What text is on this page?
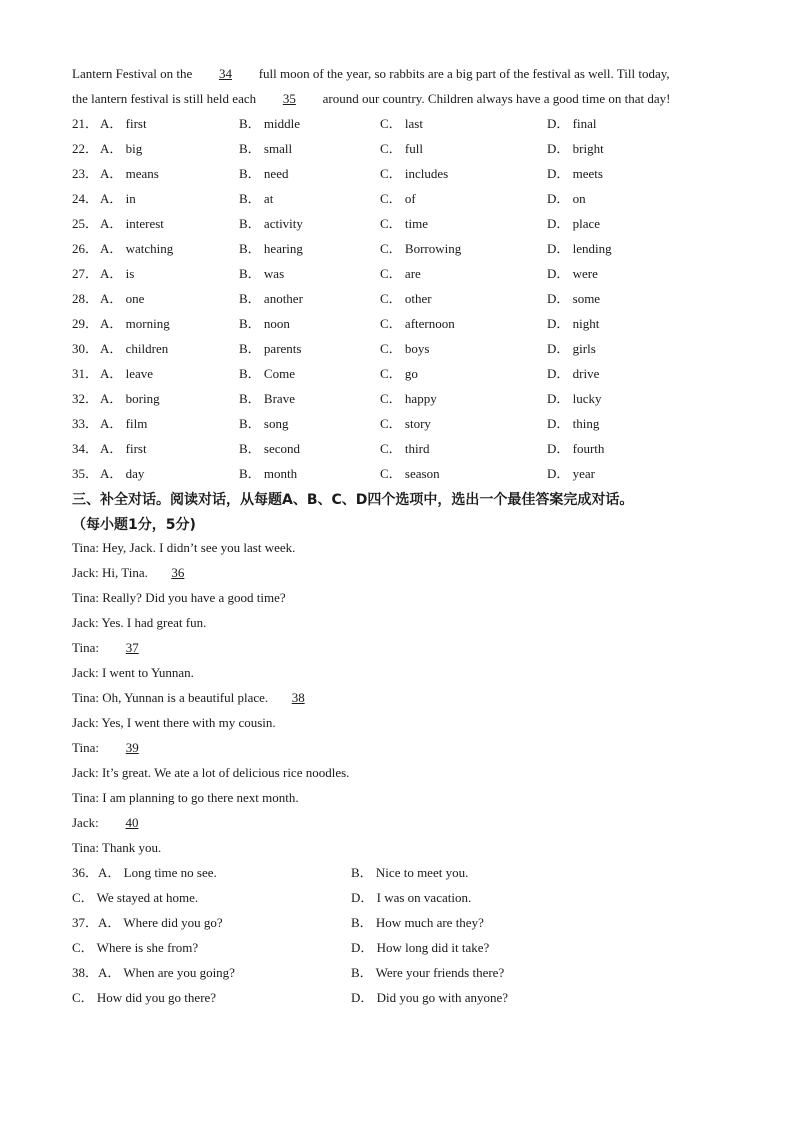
Lantern Festival on the 34 full moon of the year, so rabbits are a big part of the festival as well. Till today,
the lantern festival is still held each 35 around our country. Children always have a good time on that day!
21． A． first	B． middle	C． last	D． final
22． A． big	B． small	C． full	D． bright
23． A． means	B． need	C． includes	D． meets
24． A． in	B． at	C． of	D． on
25． A． interest	B． activity	C． time	D． place
26． A． watching	B． hearing	C． Borrowing	D． lending
27． A． is	B． was	C． are	D． were
28． A． one	B． another	C． other	D． some
29． A． morning	B． noon	C． afternoon	D． night
30． A． children	B． parents	C． boys	D． girls
31． A． leave	B． Come	C． go	D． drive
32． A． boring	B． Brave	C． happy	D． lucky
33． A． film	B． song	C． story	D． thing
34． A． first	B． second	C． third	D． fourth
35． A． day	B． month	C． season	D． year
三、补全对话。阅读对话，从每题A、B、C、D四个选项中，选出一个最佳答案完成对话。
（每小题1分，5分)
Tina: Hey, Jack. I didn’t see you last week.
Jack: Hi, Tina. 36
Tina: Really? Did you have a good time?
Jack: Yes. I had great fun.
Tina: 37
Jack: I went to Yunnan.
Tina: Oh, Yunnan is a beautiful place. 38
Jack: Yes, I went there with my cousin.
Tina: 39
Jack: It’s great. We ate a lot of delicious rice noodles.
Tina: I am planning to go there next month.
Jack: 40
Tina: Thank you.
36．A． Long time no see.	B． Nice to meet you.
C． We stayed at home.	D． I was on vacation.
37．A． Where did you go?	B． How much are they?
C． Where is she from?	D． How long did it take?
38．A． When are you going?	B． Were your friends there?
C． How did you go there?	D． Did you go with anyone?
